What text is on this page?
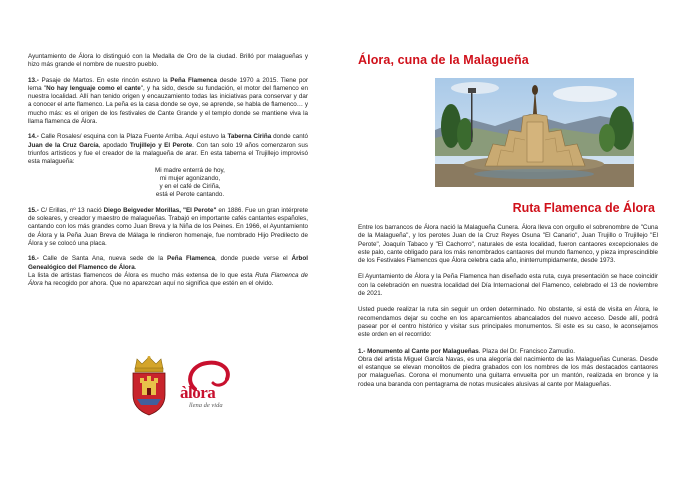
Ayuntamiento de Álora lo distinguió con la Medalla de Oro de la ciudad. Brilló por malagueñas y hizo más grande el nombre de nuestro pueblo.

13.- Pasaje de Martos. En este rincón estuvo la Peña Flamenca desde 1970 a 2015. Tiene por lema "No hay lenguaje como el cante", y ha sido, desde su fundación, el motor del flamenco en nuestra localidad. Allí han tenido origen y encauzamiento todas las iniciativas para conservar y dar a conocer el arte flamenco. La peña es la casa donde se oye, se aprende, se habla de flamenco… y mucho más: es el origen de los festivales de Cante Grande y el templo donde se mantiene viva la llama flamenca de Álora.

14.- Calle Rosales/ esquina con la Plaza Fuente Arriba. Aquí estuvo la Taberna Ciriña donde cantó Juan de la Cruz García, apodado Trujillejo y El Perote. Con tan solo 19 años comenzaron sus triunfos artísticos y fue el creador de la malagueña de arar. En esta taberna el Trujillejo improvisó esta malagueña:

Mi madre enterrá de hoy,

mi mujer agonizando,

y en el café de Ciriña,

está el Perote cantando.

15.- C/ Erillas, nº 13 nació Diego Beigveder Morillas, "El Perote" en 1886. Fue un gran intérprete de soleares, y creador y maestro de malagueñas. Trabajó en importante cafés cantantes españoles, cantando con los más grandes como Juan Breva y la Niña de los Peines. En 1966, el Ayuntamiento de Álora y la Peña Juan Breva de Málaga le rindieron homenaje, fue nombrado Hijo Predilecto de Álora y se colocó una placa.

16.- Calle de Santa Ana, nueva sede de la Peña Flamenca, donde puede verse el Árbol Genealógico del Flamenco de Álora.

La lista de artistas flamencos de Álora es mucho más extensa de lo que esta Ruta Flamenca de Álora ha recogido por ahora. Que no aparezcan aquí no significa que estén en el olvido.

àlora
llena de vida
Álora, cuna de la Malagueña
Ruta Flamenca de Álora

Entre los barrancos de Álora nació la Malagueña Cunera. Álora lleva con orgullo el sobrenombre de "Cuna de la Malagueña", y los perotes Juan de la Cruz Reyes Osuna "El Canario", Juan Trujillo o Trujillejo "El Perote", Joaquín Tabaco y "El Cachorro", naturales de esta localidad, fueron cantaores excepcionales de este palo, cante obligado para los más renombrados cantaores del mundo flamenco, y pieza imprescindible de los Festivales Flamencos que Álora celebra cada año, ininterrumpidamente, desde 1973.

El Ayuntamiento de Álora y la Peña Flamenca han diseñado esta ruta, cuya presentación se hace coincidir con la celebración en nuestra localidad del Día Internacional del Flamenco, celebrado el 13 de noviembre de 2021.

Usted puede realizar la ruta sin seguir un orden determinado. No obstante, si está de visita en Álora, le recomendamos dejar su coche en los aparcamientos abancalados del nuevo acceso. Desde allí, podrá pasear por el centro histórico y visitar sus principales monumentos. Si este es su caso, le aconsejamos este orden en el recorrido:

1.- Monumento al Cante por Malagueñas. Plaza del Dr. Francisco Zamudio.

Obra del artista Miguel García Navas, es una alegoría del nacimiento de las Malagueñas Cuneras. Desde el estanque se elevan monolitos de piedra grabados con los nombres de los más destacados cantaores por malagueñas. Corona el monumento una guitarra envuelta por un mantón, realizada en bronce y la rodea una baranda con pentagrama de notas musicales alusivas al cante por Malagueñas.
